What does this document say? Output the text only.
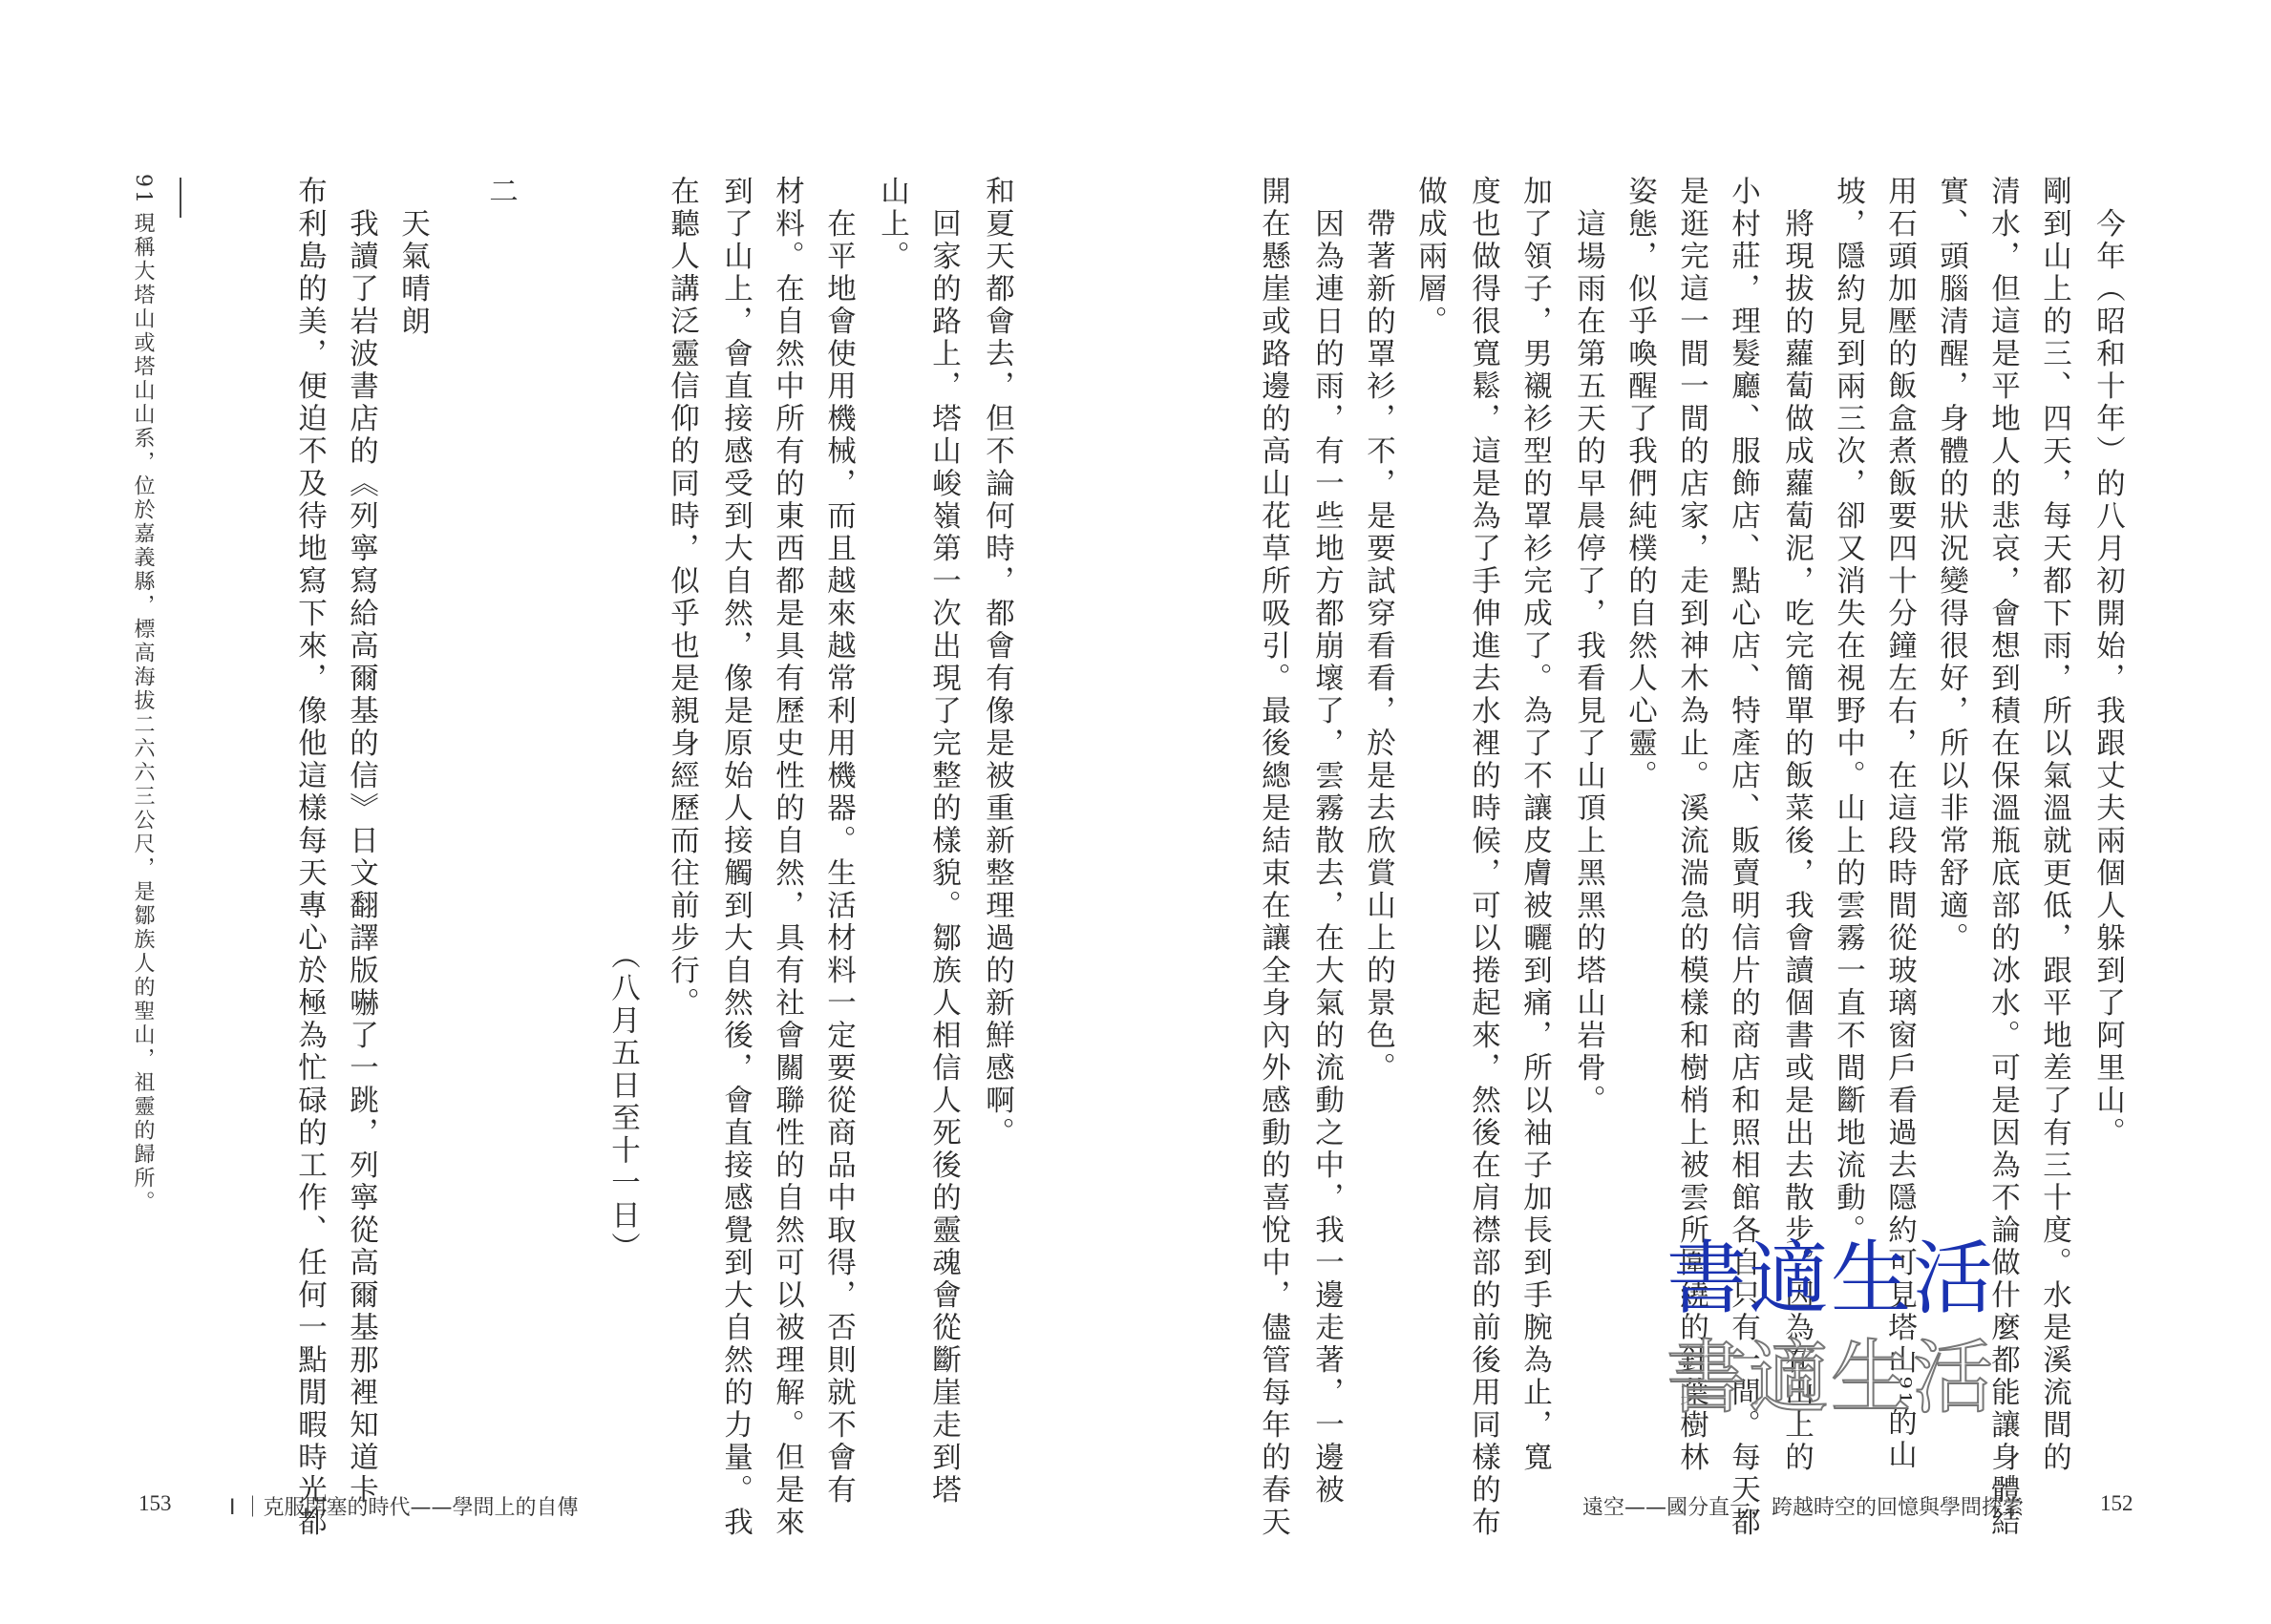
91
現稱大塔山或塔山山系，位於嘉義縣，標高海拔二六六三公尺，是鄒族人的聖山，祖靈的歸所。	布利島的美，便迫不及待地寫下來，像他這樣每天專心於極為忙碌的工作、任何一點閒暇時光都 　我讀了岩波書店的《列寧寫給高爾基的信》日文翻譯版嚇了一跳，列寧從高爾基那裡知道卡 　天氣晴朗 二	　　　　　　　　　　　　　　　　　　　　　　　　（八月五日至十一日） 在聽人講泛靈信仰的同時，似乎也是親身經歷而往前步行。 到了山上，會直接感受到大自然，像是原始人接觸到大自然後，會直接感覺到大自然的力量。我 材料。在自然中所有的東西都是具有歷史性的自然，具有社會關聯性的自然可以被理解。但是來 　在平地會使用機械，而且越來越常利用機器。生活材料一定要從商品中取得，否則就不會有 山上。 　回家的路上，塔山峻嶺第一次出現了完整的樣貌。鄒族人相信人死後的靈魂會從斷崖走到塔 和夏天都會去，但不論何時，都會有像是被重新整理過的新鮮感啊。
153	I ｜克服閉塞的時代——學問上的自傳	開在懸崖或路邊的高山花草所吸引。最後總是結束在讓全身內外感動的喜悅中，儘管每年的春天 　因為連日的雨，有一些地方都崩壞了，雲霧散去，在大氣的流動之中，我一邊走著，一邊被 　帶著新的罩衫，不，是要試穿看看，於是去欣賞山上的景色。 做成兩層。 度也做得很寬鬆，這是為了手伸進去水裡的時候，可以捲起來，然後在肩襟部的前後用同樣的布 加了領子，男襯衫型的罩衫完成了。為了不讓皮膚被曬到痛，所以袖子加長到手腕為止，寬 　這場雨在第五天的早晨停了，我看見了山頂上黑黑的塔山岩骨。 姿態，似乎喚醒了我們純樸的自然人心靈。 是逛完這一間一間的店家，走到神木為止。溪流湍急的模樣和樹梢上被雲所圍繞的針葉樹林 小村莊，理髮廳、服飾店、點心店、特產店、販賣明信片的商店和照相館各自只有一間。每天都 　將現拔的蘿蔔做成蘿蔔泥，吃完簡單的飯菜後，我會讀個書或是出去散步。因為在山上的 坡，隱約見到兩三次，卻又消失在視野中。山上的雲霧一直不間斷地流動。 用石頭加壓的飯盒煮飯要四十分鐘左右，在這段時間從玻璃窗戶看過去隱約可見塔山⁹¹的山 實、頭腦清醒，身體的狀況變得很好，所以非常舒適。 清水，但這是平地人的悲哀，會想到積在保溫瓶底部的冰水。可是因為不論做什麼都能讓身體結 剛到山上的三、四天，每天都下雨，所以氣溫就更低，跟平地差了有三十度。水是溪流間的 　今年（昭和十年）的八月初開始，我跟丈夫兩個人躲到了阿里山。
遠空——國分直一，跨越時空的回憶與學問探索	152
書適生活
書適生活
